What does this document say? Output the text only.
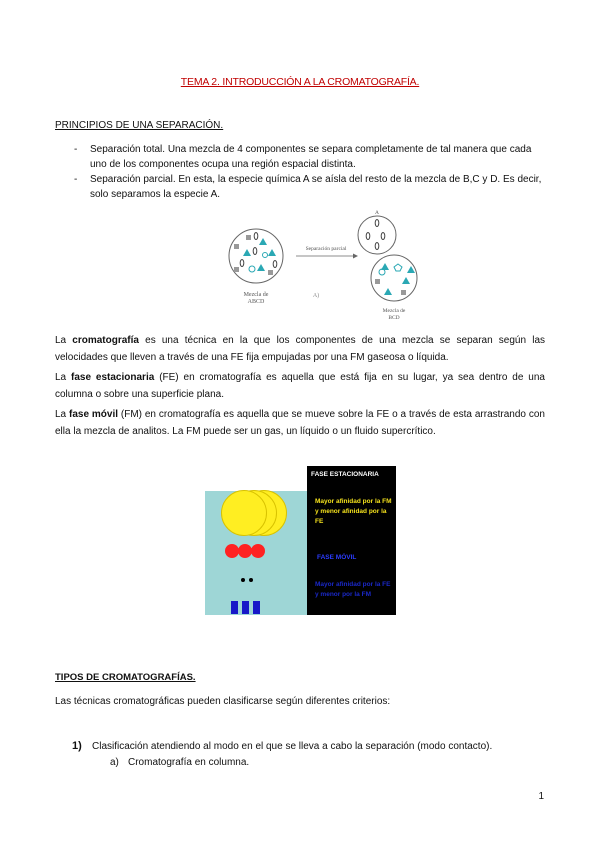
TEMA 2. INTRODUCCIÓN A LA CROMATOGRAFÍA.
PRINCIPIOS DE UNA SEPARACIÓN.
- Separación total. Una mezcla de 4 componentes se separa completamente de tal manera que cada
uno de los componentes ocupa una región espacial distinta.
- Separación parcial. En esta, la especie química A se aísla del resto de la mezcla de B,C y D. Es decir,
solo separamos la especie A.
Mezcla de
ABCD
Separación parcial
A)
A
Mezcla de
BCD
La cromatografía es una técnica en la que los componentes de una mezcla se separan según las velocidades que lleven a través de una FE fija empujadas por una FM gaseosa o líquida.
La fase estacionaria (FE) en cromatografía es aquella que está fija en su lugar, ya sea dentro de una columna o sobre una superficie plana.
La fase móvil (FM) en cromatografía es aquella que se mueve sobre la FE o a través de esta arrastrando con ella la mezcla de analitos. La FM puede ser un gas, un líquido o un fluido supercrítico.
FASE ESTACIONARIA
Mayor afinidad por la FM y menor afinidad por la FE
FASE MÓVIL
Mayor afinidad por la FE y menor por la FM
TIPOS DE CROMATOGRAFÍAS.
Las técnicas cromatográficas pueden clasificarse según diferentes criterios:
1) Clasificación atendiendo al modo en el que se lleva a cabo la separación (modo contacto).
a) Cromatografía en columna.
1
